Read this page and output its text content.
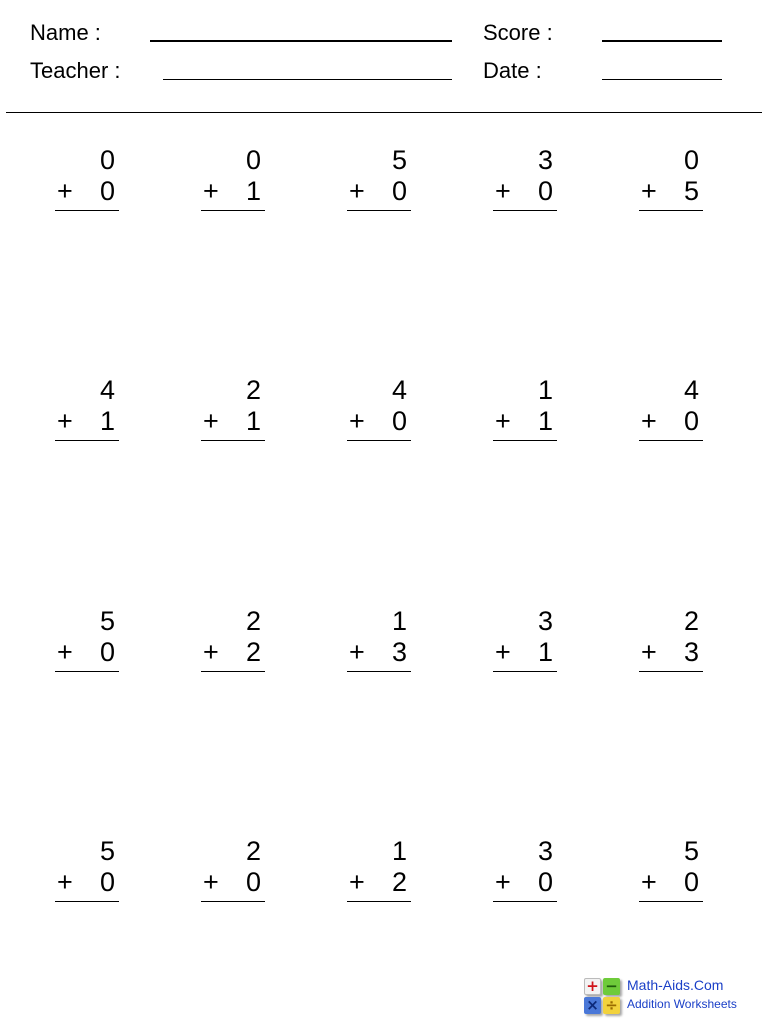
Name :
Teacher :
Score :
Date :
0
+ 0
0
+ 1
5
+ 0
3
+ 0
0
+ 5
4
+ 1
2
+ 1
4
+ 0
1
+ 1
4
+ 0
5
+ 0
2
+ 2
1
+ 3
3
+ 1
2
+ 3
5
+ 0
2
+ 0
1
+ 2
3
+ 0
5
+ 0
+ −
× ÷
Math-Aids.Com
Addition Worksheets
